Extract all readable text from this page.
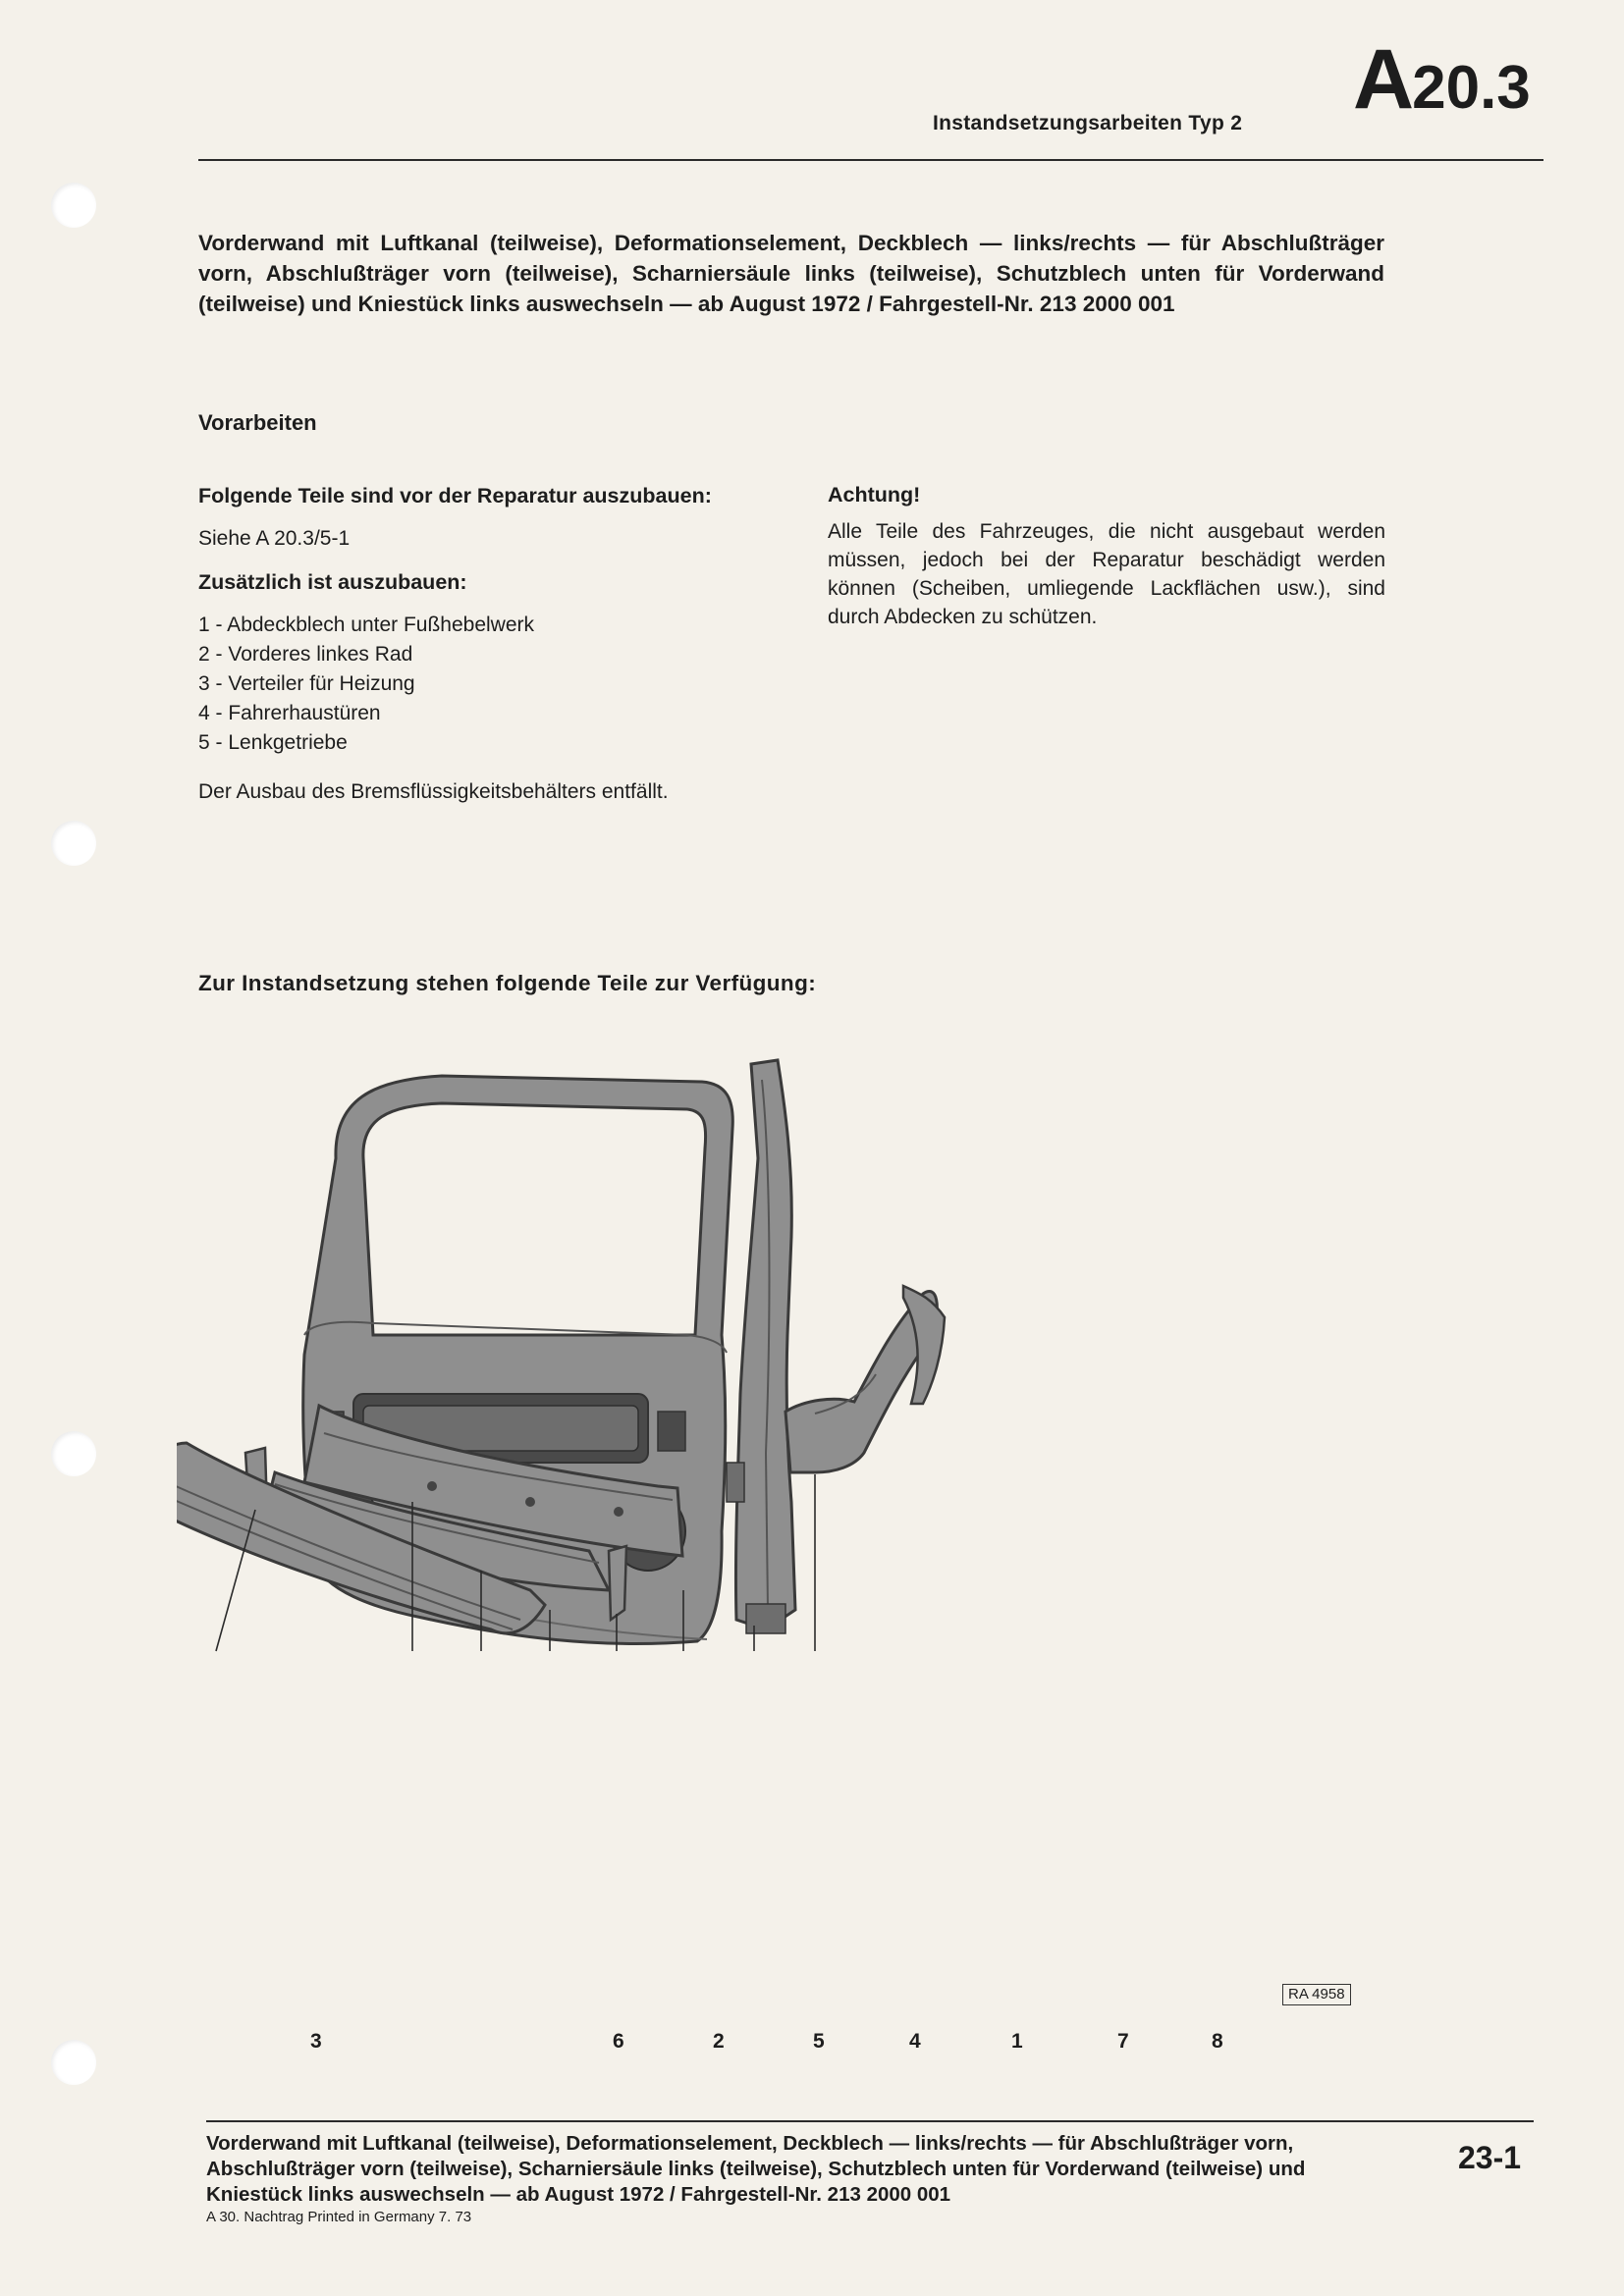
Instandsetzungsarbeiten Typ 2 A20.3
Vorderwand mit Luftkanal (teilweise), Deformationselement, Deckblech — links/rechts — für Abschlußträger vorn, Abschlußträger vorn (teilweise), Scharniersäule links (teilweise), Schutzblech unten für Vorderwand (teilweise) und Kniestück links auswechseln — ab August 1972 / Fahrgestell-Nr. 213 2000 001
Vorarbeiten
Folgende Teile sind vor der Reparatur auszubauen:
Siehe A 20.3/5-1
Zusätzlich ist auszubauen:
1 - Abdeckblech unter Fußhebelwerk
2 - Vorderes linkes Rad
3 - Verteiler für Heizung
4 - Fahrerhaustüren
5 - Lenkgetriebe
Der Ausbau des Bremsflüssigkeitsbehälters entfällt.
Achtung!
Alle Teile des Fahrzeuges, die nicht ausgebaut werden müssen, jedoch bei der Reparatur beschädigt werden können (Scheiben, umliegende Lackflächen usw.), sind durch Abdecken zu schützen.
Zur Instandsetzung stehen folgende Teile zur Verfügung:
3	6	2	5	4	1	7	8
RA 4958
Vorderwand mit Luftkanal (teilweise), Deformationselement, Deckblech — links/rechts — für Abschlußträger vorn, Abschlußträger vorn (teilweise), Scharniersäule links (teilweise), Schutzblech unten für Vorderwand (teilweise) und Kniestück links auswechseln — ab August 1972 / Fahrgestell-Nr. 213 2000 001
A 30. Nachtrag Printed in Germany 7. 73
23-1
